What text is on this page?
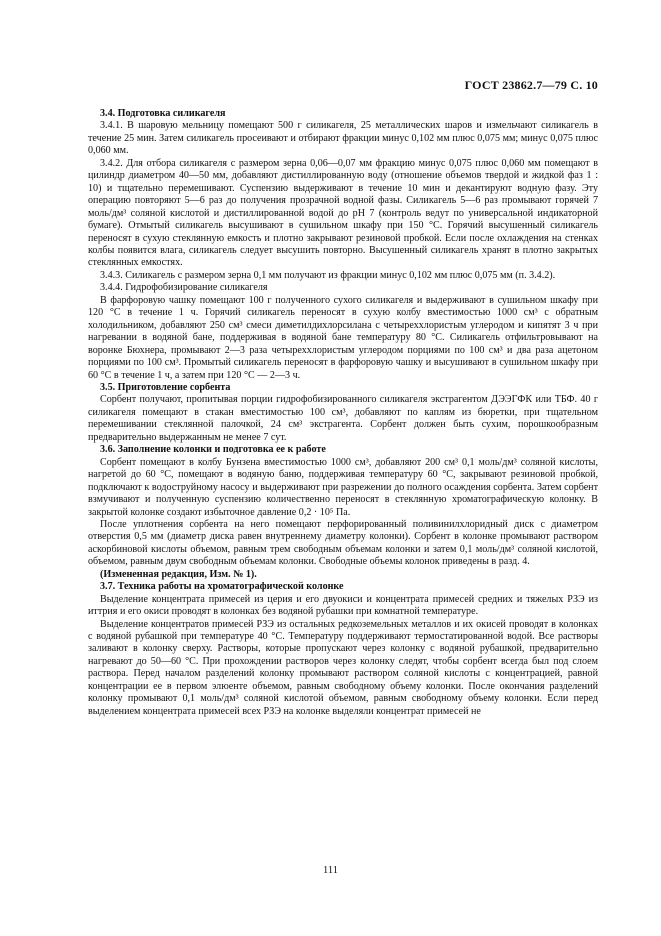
ГОСТ 23862.7—79 С. 10

3.4. Подготовка силикагеля

3.4.1. В шаровую мельницу помещают 500 г силикагеля, 25 металлических шаров и измельчают силикагель в течение 25 мин. Затем силикагель просеивают и отбирают фракции минус 0,102 мм плюс 0,075 мм; минус 0,075 плюс 0,060 мм.

3.4.2. Для отбора силикагеля с размером зерна 0,06—0,07 мм фракцию минус 0,075 плюс 0,060 мм помещают в цилиндр диаметром 40—50 мм, добавляют дистиллированную воду (отношение объемов твердой и жидкой фаз 1 : 10) и тщательно перемешивают. Суспензию выдерживают в течение 10 мин и декантируют водную фазу. Эту операцию повторяют 5—6 раз до получения прозрачной водной фазы. Силикагель 5—6 раз промывают горячей 7 моль/дм³ соляной кислотой и дистиллированной водой до рН 7 (контроль ведут по универсальной индикаторной бумаге). Отмытый силикагель высушивают в сушильном шкафу при 150 °С. Горячий высушенный силикагель переносят в сухую стеклянную емкость и плотно закрывают резиновой пробкой. Если после охлаждения на стенках колбы появится влага, силикагель следует высушить повторно. Высушенный силикагель хранят в плотно закрытых стеклянных емкостях.

3.4.3. Силикагель с размером зерна 0,1 мм получают из фракции минус 0,102 мм плюс 0,075 мм (п. 3.4.2).

3.4.4. Гидрофобизирование силикагеля

В фарфоровую чашку помещают 100 г полученного сухого силикагеля и выдерживают в сушильном шкафу при 120 °С в течение 1 ч. Горячий силикагель переносят в сухую колбу вместимостью 1000 см³ с обратным холодильником, добавляют 250 см³ смеси диметилдихлорсилана с четыреххлористым углеродом и кипятят 3 ч при нагревании в водяной бане, поддерживая в водяной бане температуру 80 °С. Силикагель отфильтровывают на воронке Бюхнера, промывают 2—3 раза четыреххлористым углеродом порциями по 100 см³ и два раза ацетоном порциями по 100 см³. Промытый силикагель переносят в фарфоровую чашку и высушивают в сушильном шкафу при 60 °С в течение 1 ч, а затем при 120 °С — 2—3 ч.

3.5. Приготовление сорбента

Сорбент получают, пропитывая порции гидрофобизированного силикагеля экстрагентом ДЭЭГФК или ТБФ. 40 г силикагеля помещают в стакан вместимостью 100 см³, добавляют по каплям из бюретки, при тщательном перемешивании стеклянной палочкой, 24 см³ экстрагента. Сорбент должен быть сухим, порошкообразным предварительно выдержанным не менее 7 сут.

3.6. Заполнение колонки и подготовка ее к работе

Сорбент помещают в колбу Бунзена вместимостью 1000 см³, добавляют 200 см³ 0,1 моль/дм³ соляной кислоты, нагретой до 60 °С, помещают в водяную баню, поддерживая температуру 60 °С, закрывают резиновой пробкой, подключают к водоструйному насосу и выдерживают при разрежении до полного осаждения сорбента. Затем сорбент взмучивают и полученную суспензию количественно переносят в стеклянную хроматографическую колонку. В закрытой колонке создают избыточное давление 0,2 · 10⁵ Па.

После уплотнения сорбента на него помещают перфорированный поливинилхлоридный диск с диаметром отверстия 0,5 мм (диаметр диска равен внутреннему диаметру колонки). Сорбент в колонке промывают раствором аскорбиновой кислоты объемом, равным трем свободным объемам колонки и затем 0,1 моль/дм³ соляной кислотой, объемом, равным двум свободным объемам колонки. Свободные объемы колонок приведены в разд. 4.

(Измененная редакция, Изм. № 1).

3.7. Техника работы на хроматографической колонке

Выделение концентрата примесей из церия и его двуокиси и концентрата примесей средних и тяжелых РЗЭ из иттрия и его окиси проводят в колонках без водяной рубашки при комнатной температуре.

Выделение концентратов примесей РЗЭ из остальных редкоземельных металлов и их окисей проводят в колонках с водяной рубашкой при температуре 40 °С. Температуру поддерживают термостатированной водой. Все растворы заливают в колонку сверху. Растворы, которые пропускают через колонку с водяной рубашкой, предварительно нагревают до 50—60 °С. При прохождении растворов через колонку следят, чтобы сорбент всегда был под слоем раствора. Перед началом разделений колонку промывают раствором соляной кислоты с концентрацией, равной концентрации ее в первом элюенте объемом, равным свободному объему колонки. После окончания разделений колонку промывают 0,1 моль/дм³ соляной кислотой объемом, равным свободному объему колонки. Если перед выделением концентрата примесей всех РЗЭ на колонке выделяли концентрат примесей не

111
